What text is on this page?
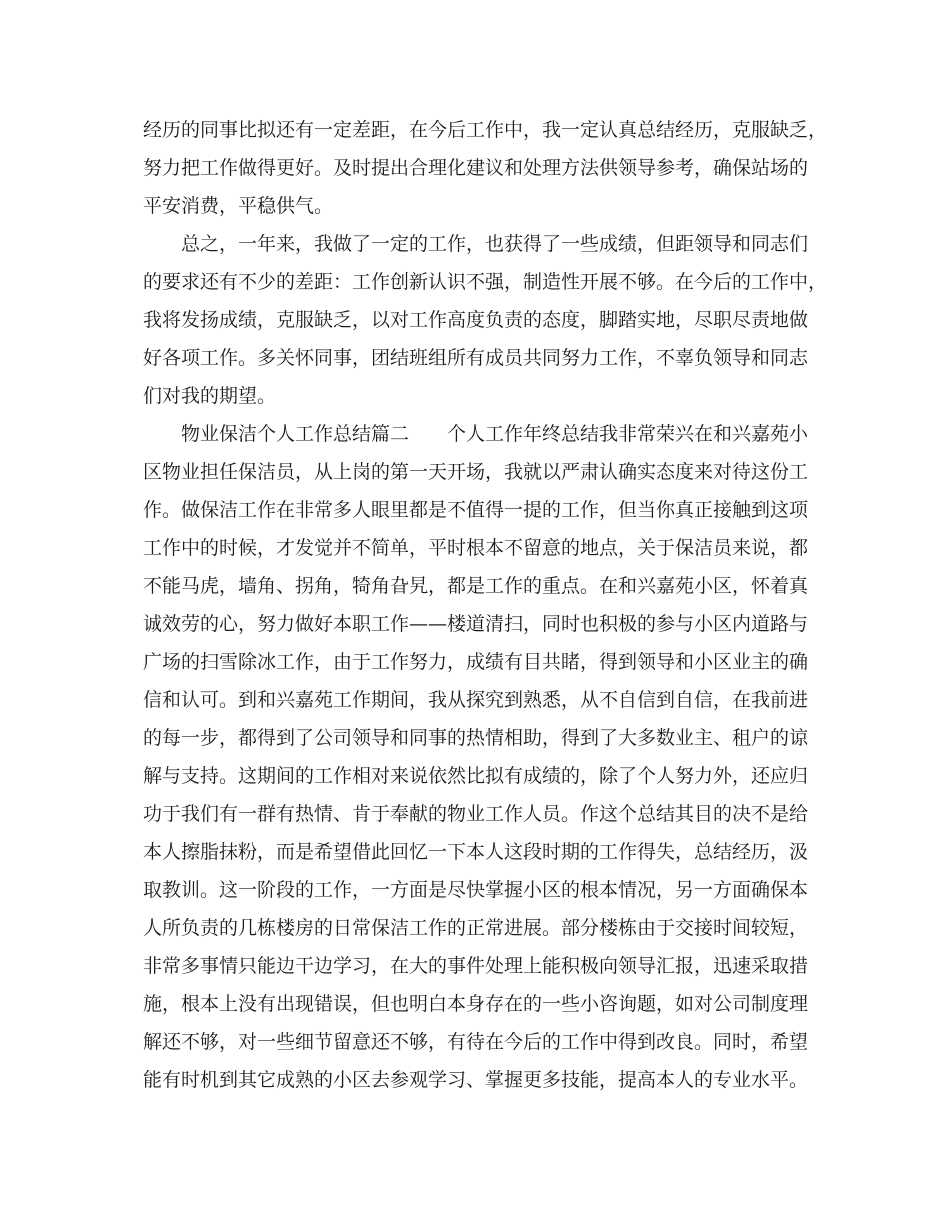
经历的同事比拟还有一定差距，在今后工作中，我一定认真总结经历，克服缺乏，

努力把工作做得更好。及时提出合理化建议和处理方法供领导参考，确保站场的

平安消费，平稳供气。

总之，一年来，我做了一定的工作，也获得了一些成绩，但距领导和同志们

的要求还有不少的差距：工作创新认识不强，制造性开展不够。在今后的工作中，

我将发扬成绩，克服缺乏，以对工作高度负责的态度，脚踏实地，尽职尽责地做

好各项工作。多关怀同事，团结班组所有成员共同努力工作，不辜负领导和同志

们对我的期望。

物业保洁个人工作总结篇二 个人工作年终总结我非常荣兴在和兴嘉苑小

区物业担任保洁员，从上岗的第一天开场，我就以严肃认确实态度来对待这份工

作。做保洁工作在非常多人眼里都是不值得一提的工作，但当你真正接触到这项

工作中的时候，才发觉并不简单，平时根本不留意的地点，关于保洁员来说，都

不能马虎，墙角、拐角，犄角旮旯，都是工作的重点。在和兴嘉苑小区，怀着真

诚效劳的心，努力做好本职工作——楼道清扫，同时也积极的参与小区内道路与

广场的扫雪除冰工作，由于工作努力，成绩有目共睹，得到领导和小区业主的确

信和认可。到和兴嘉苑工作期间，我从探究到熟悉，从不自信到自信，在我前进

的每一步，都得到了公司领导和同事的热情相助，得到了大多数业主、租户的谅

解与支持。这期间的工作相对来说依然比拟有成绩的，除了个人努力外，还应归

功于我们有一群有热情、肯于奉献的物业工作人员。作这个总结其目的决不是给

本人擦脂抹粉，而是希望借此回忆一下本人这段时期的工作得失，总结经历，汲

取教训。这一阶段的工作，一方面是尽快掌握小区的根本情况，另一方面确保本

人所负责的几栋楼房的日常保洁工作的正常进展。部分楼栋由于交接时间较短，

非常多事情只能边干边学习，在大的事件处理上能积极向领导汇报，迅速采取措

施，根本上没有出现错误，但也明白本身存在的一些小咨询题，如对公司制度理

解还不够，对一些细节留意还不够，有待在今后的工作中得到改良。同时，希望

能有时机到其它成熟的小区去参观学习、掌握更多技能，提高本人的专业水平。
